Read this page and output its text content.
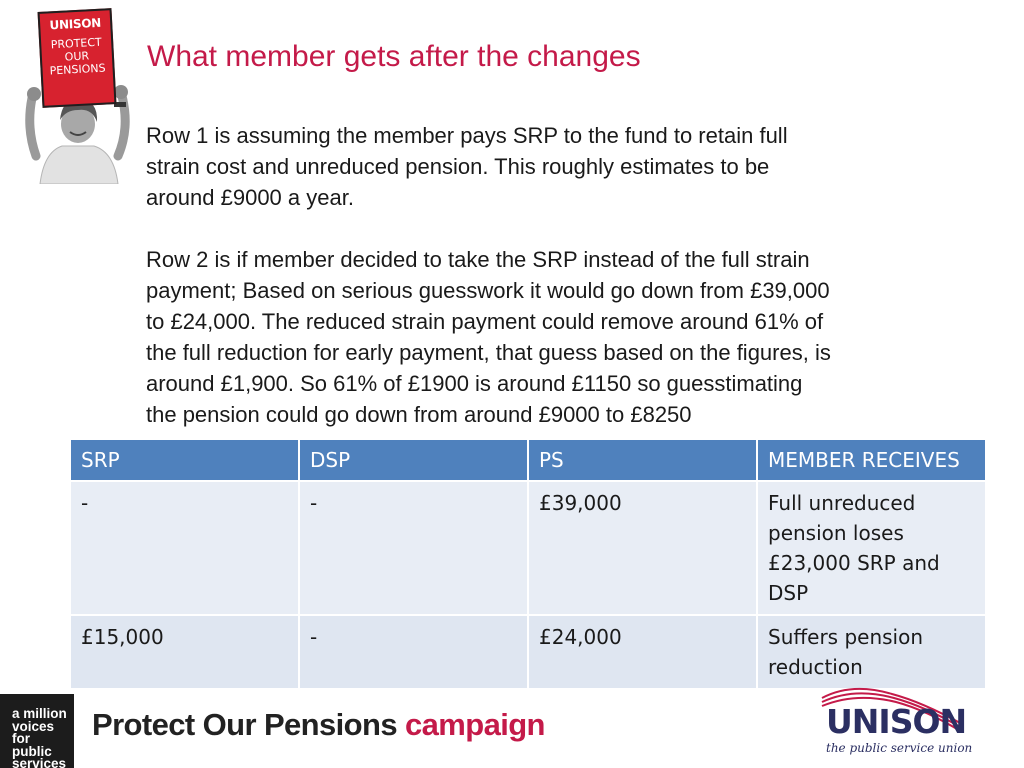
UNISON
PROTECT
OUR
PENSIONS What member gets after the changes

Row 1 is assuming the member pays SRP to the fund to retain full
strain cost and unreduced pension. This roughly estimates to be
around £9000 a year.

Row 2 is if member decided to take the SRP instead of the full strain
payment; Based on serious guesswork it would go down from £39,000
to £24,000. The reduced strain payment could remove around 61% of
the full reduction for early payment, that guess based on the figures, is
around £1,900. So 61% of £1900 is around £1150 so guesstimating
the pension could go down from around £9000 to £8250

SRP	DSP	PS	MEMBER RECEIVES
-	-	£39,000	Full unreduced pension loses £23,000 SRP and DSP
£15,000	-	£24,000	Suffers pension reduction
a million
voices
for
public
services
Protect Our Pensions campaign	UNISON
the public service union
